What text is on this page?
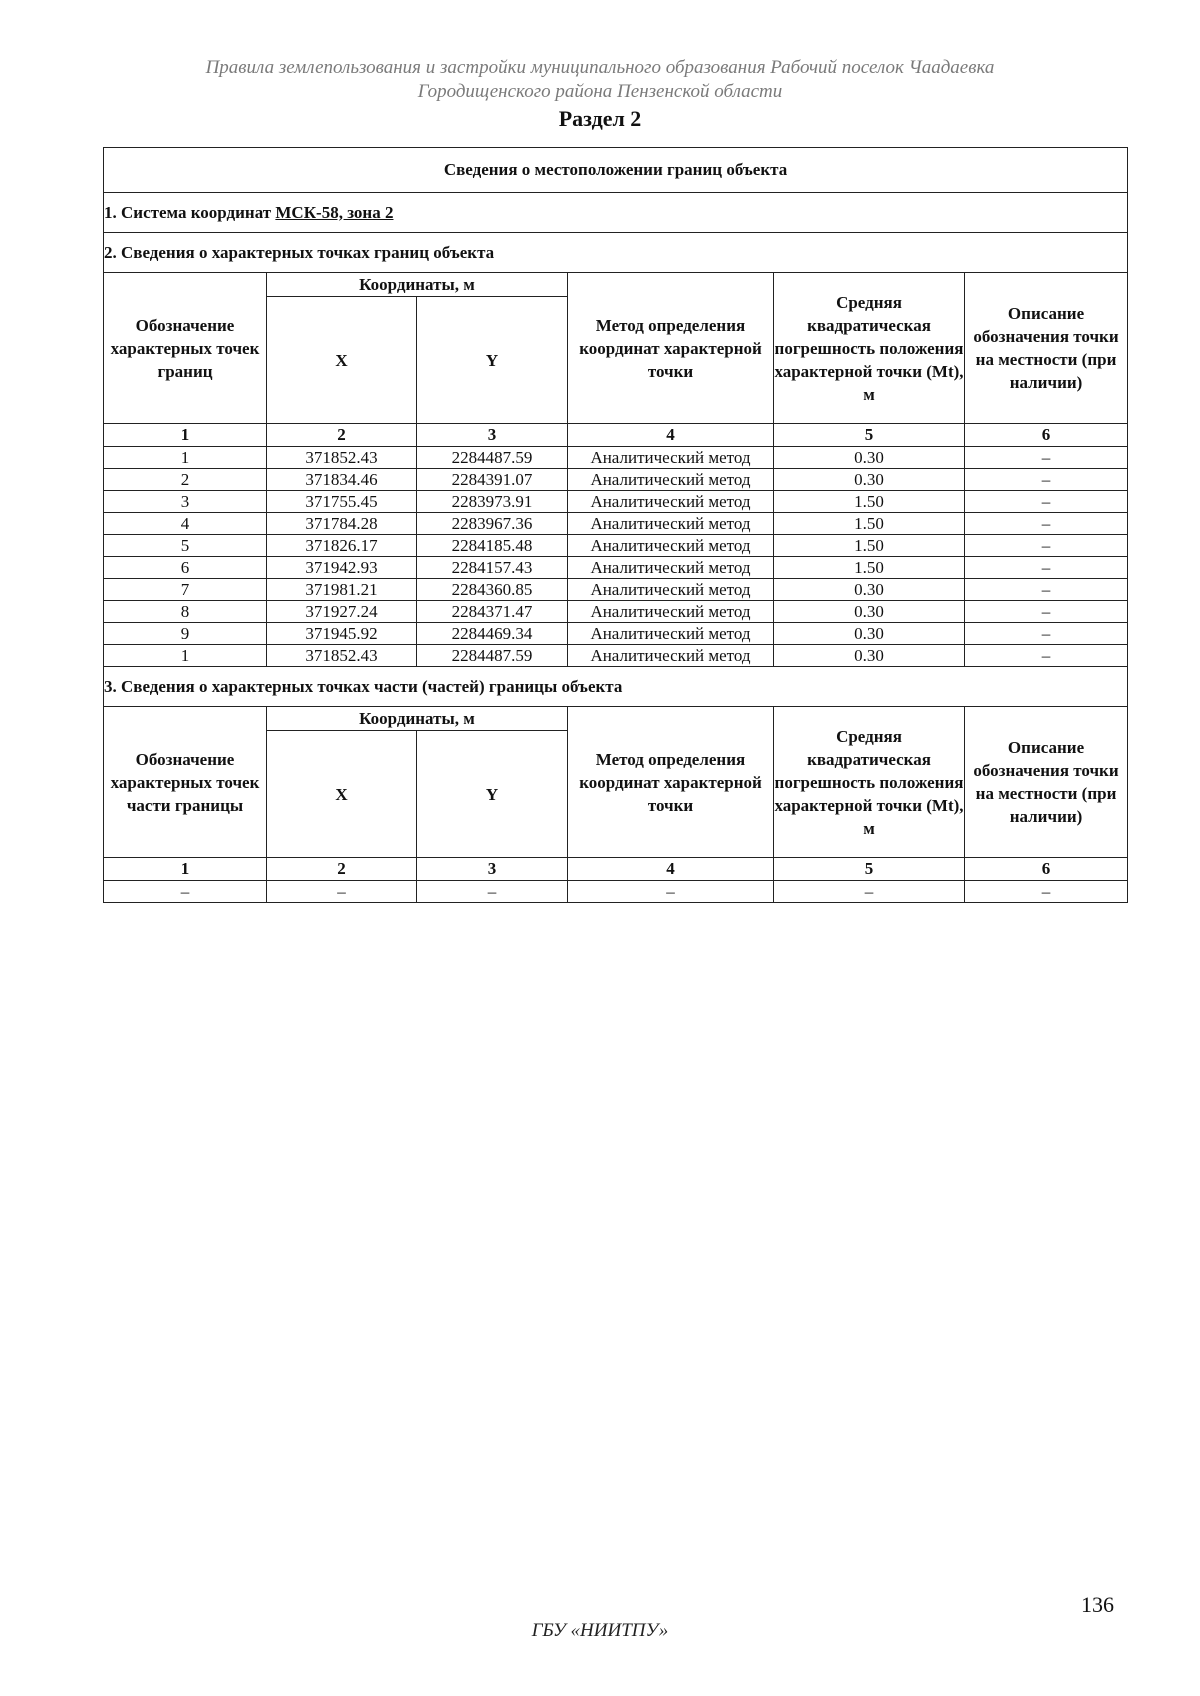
Правила землепользования и застройки муниципального образования Рабочий поселок Чаадаевка
Городищенского района Пензенской области
Раздел 2
Сведения о местоположении границ объекта					
1. Система координат МСК-58, зона 2					
2. Сведения о характерных точках границ объекта					
Обозначение характерных точек границ	Координаты, м		Метод определения координат характерной точки	Средняя квадратическая погрешность положения характерной точки (Mt), м	Описание обозначения точки на местности (при наличии)
	X	Y			
1	2	3	4	5	6
1	371852.43	2284487.59	Аналитический метод	0.30	–
2	371834.46	2284391.07	Аналитический метод	0.30	–
3	371755.45	2283973.91	Аналитический метод	1.50	–
4	371784.28	2283967.36	Аналитический метод	1.50	–
5	371826.17	2284185.48	Аналитический метод	1.50	–
6	371942.93	2284157.43	Аналитический метод	1.50	–
7	371981.21	2284360.85	Аналитический метод	0.30	–
8	371927.24	2284371.47	Аналитический метод	0.30	–
9	371945.92	2284469.34	Аналитический метод	0.30	–
1	371852.43	2284487.59	Аналитический метод	0.30	–
3. Сведения о характерных точках части (частей) границы объекта					
Обозначение характерных точек части границы	Координаты, м		Метод определения координат характерной точки	Средняя квадратическая погрешность положения характерной точки (Mt), м	Описание обозначения точки на местности (при наличии)
	X	Y			
1	2	3	4	5	6
–	–	–	–	–	–
136
ГБУ «НИИТПУ»
